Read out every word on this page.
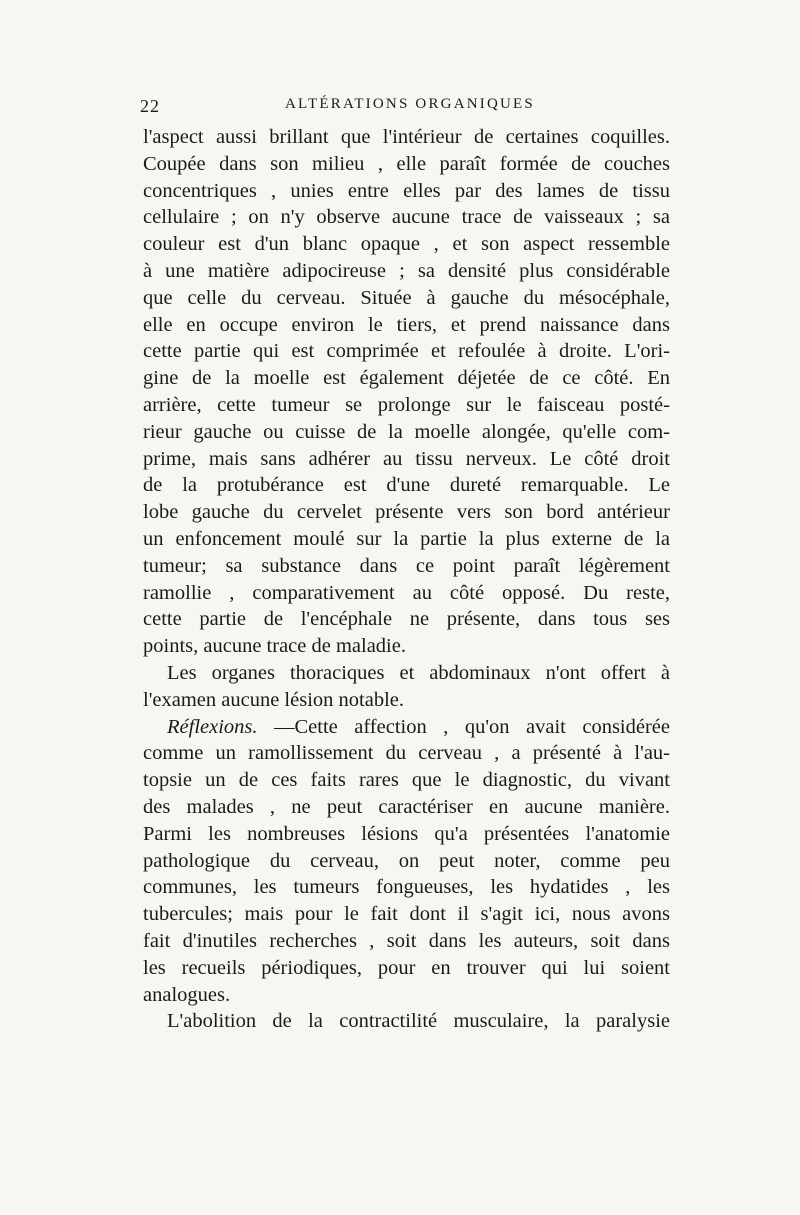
22	ALTÉRATIONS ORGANIQUES
l'aspect aussi brillant que l'intérieur de certaines coquilles.
Coupée dans son milieu , elle paraît formée de couches
concentriques , unies entre elles par des lames de tissu
cellulaire ; on n'y observe aucune trace de vaisseaux ; sa
couleur est d'un blanc opaque , et son aspect ressemble
à une matière adipocireuse ; sa densité plus considérable
que celle du cerveau. Située à gauche du mésocéphale,
elle en occupe environ le tiers, et prend naissance dans
cette partie qui est comprimée et refoulée à droite. L'ori-
gine de la moelle est également déjetée de ce côté. En
arrière, cette tumeur se prolonge sur le faisceau posté-
rieur gauche ou cuisse de la moelle alongée, qu'elle com-
prime, mais sans adhérer au tissu nerveux. Le côté droit
de la protubérance est d'une dureté remarquable. Le
lobe gauche du cervelet présente vers son bord antérieur
un enfoncement moulé sur la partie la plus externe de la
tumeur; sa substance dans ce point paraît légèrement
ramollie , comparativement au côté opposé. Du reste,
cette partie de l'encéphale ne présente, dans tous ses
points, aucune trace de maladie.
Les organes thoraciques et abdominaux n'ont offert à
l'examen aucune lésion notable.
Réflexions. —Cette affection , qu'on avait considérée
comme un ramollissement du cerveau , a présenté à l'au-
topsie un de ces faits rares que le diagnostic, du vivant
des malades , ne peut caractériser en aucune manière.
Parmi les nombreuses lésions qu'a présentées l'anatomie
pathologique du cerveau, on peut noter, comme peu
communes, les tumeurs fongueuses, les hydatides , les
tubercules; mais pour le fait dont il s'agit ici, nous avons
fait d'inutiles recherches , soit dans les auteurs, soit dans
les recueils périodiques, pour en trouver qui lui soient
analogues.
L'abolition de la contractilité musculaire, la paralysie
